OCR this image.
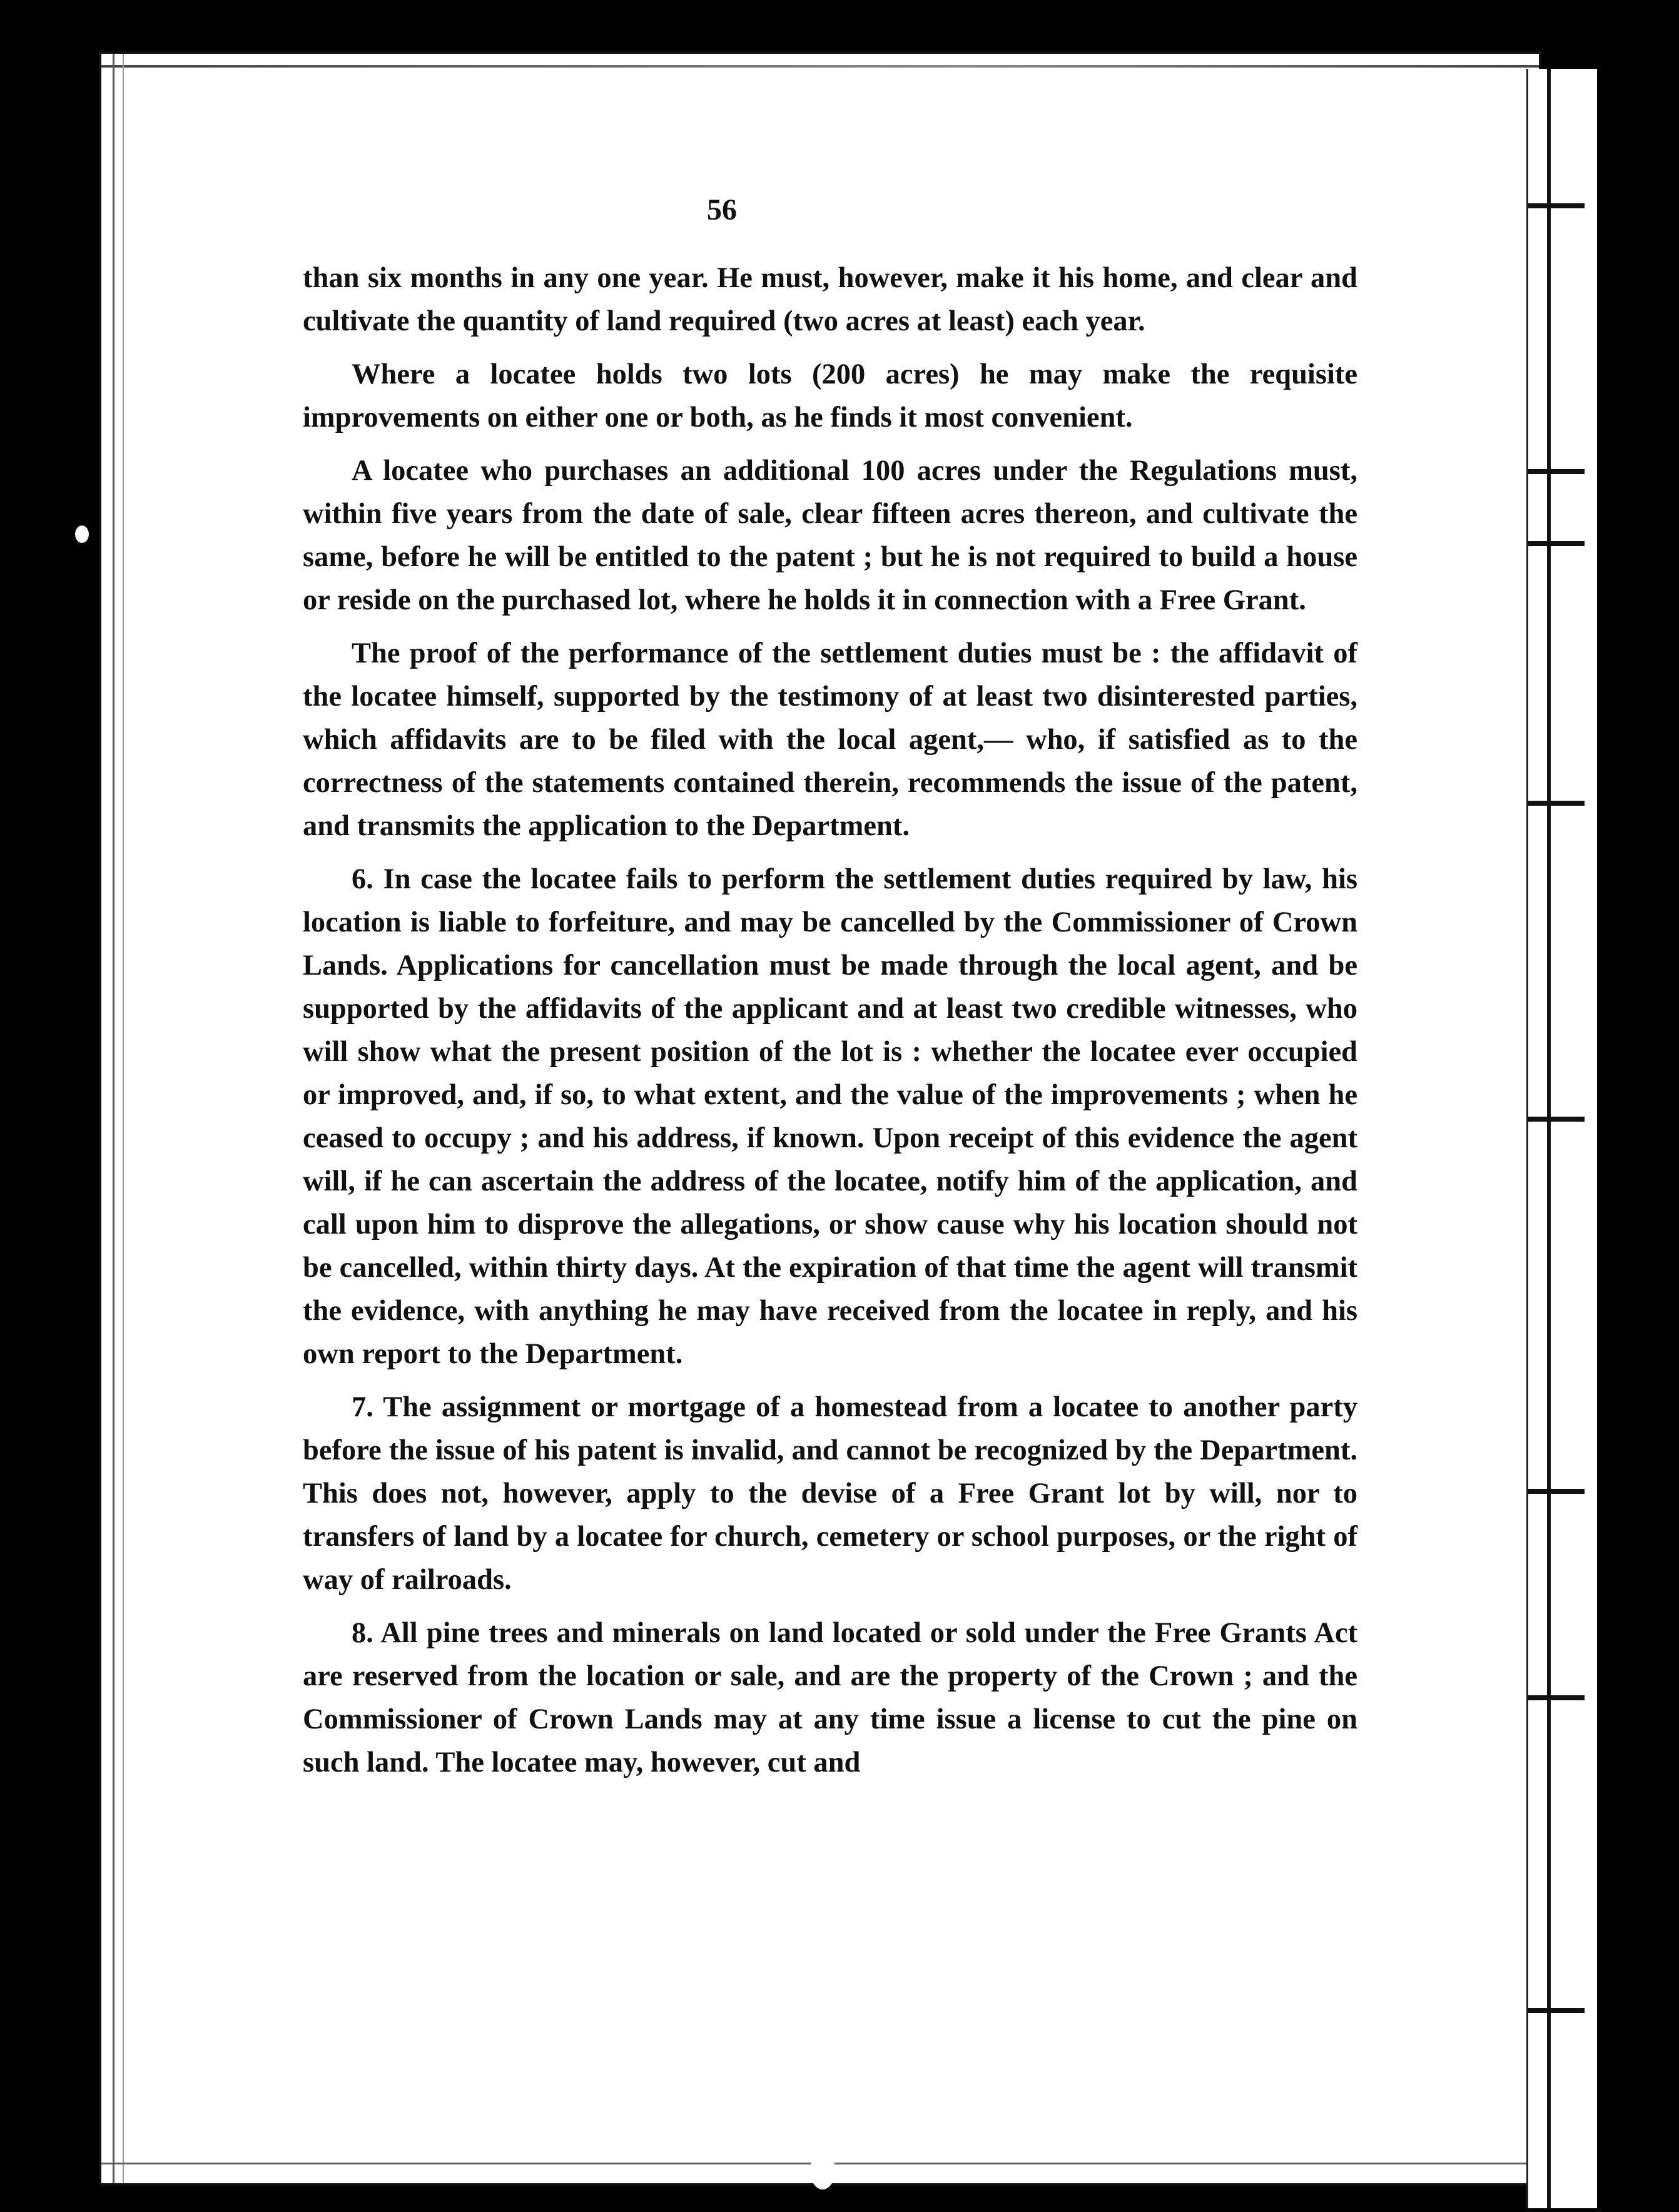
56

than six months in any one year. He must, however, make it his home, and clear and cultivate the quantity of land required (two acres at least) each year.

Where a locatee holds two lots (200 acres) he may make the requisite improvements on either one or both, as he finds it most convenient.

A locatee who purchases an additional 100 acres under the Regulations must, within five years from the date of sale, clear fifteen acres thereon, and cultivate the same, before he will be entitled to the patent ; but he is not required to build a house or reside on the purchased lot, where he holds it in connection with a Free Grant.

The proof of the performance of the settlement duties must be : the affidavit of the locatee himself, supported by the testimony of at least two disinterested parties, which affidavits are to be filed with the local agent,— who, if satisfied as to the correctness of the statements contained therein, recommends the issue of the patent, and transmits the application to the Department.

6. In case the locatee fails to perform the settlement duties required by law, his location is liable to forfeiture, and may be cancelled by the Commissioner of Crown Lands. Applications for cancellation must be made through the local agent, and be supported by the affidavits of the applicant and at least two credible witnesses, who will show what the present position of the lot is : whether the locatee ever occupied or improved, and, if so, to what extent, and the value of the improvements ; when he ceased to occupy ; and his address, if known. Upon receipt of this evidence the agent will, if he can ascertain the address of the locatee, notify him of the application, and call upon him to disprove the allegations, or show cause why his location should not be cancelled, within thirty days. At the expiration of that time the agent will transmit the evidence, with anything he may have received from the locatee in reply, and his own report to the Department.

7. The assignment or mortgage of a homestead from a locatee to another party before the issue of his patent is invalid, and cannot be recognized by the Department. This does not, however, apply to the devise of a Free Grant lot by will, nor to transfers of land by a locatee for church, cemetery or school purposes, or the right of way of railroads.

8. All pine trees and minerals on land located or sold under the Free Grants Act are reserved from the location or sale, and are the property of the Crown ; and the Commissioner of Crown Lands may at any time issue a license to cut the pine on such land. The locatee may, however, cut and
